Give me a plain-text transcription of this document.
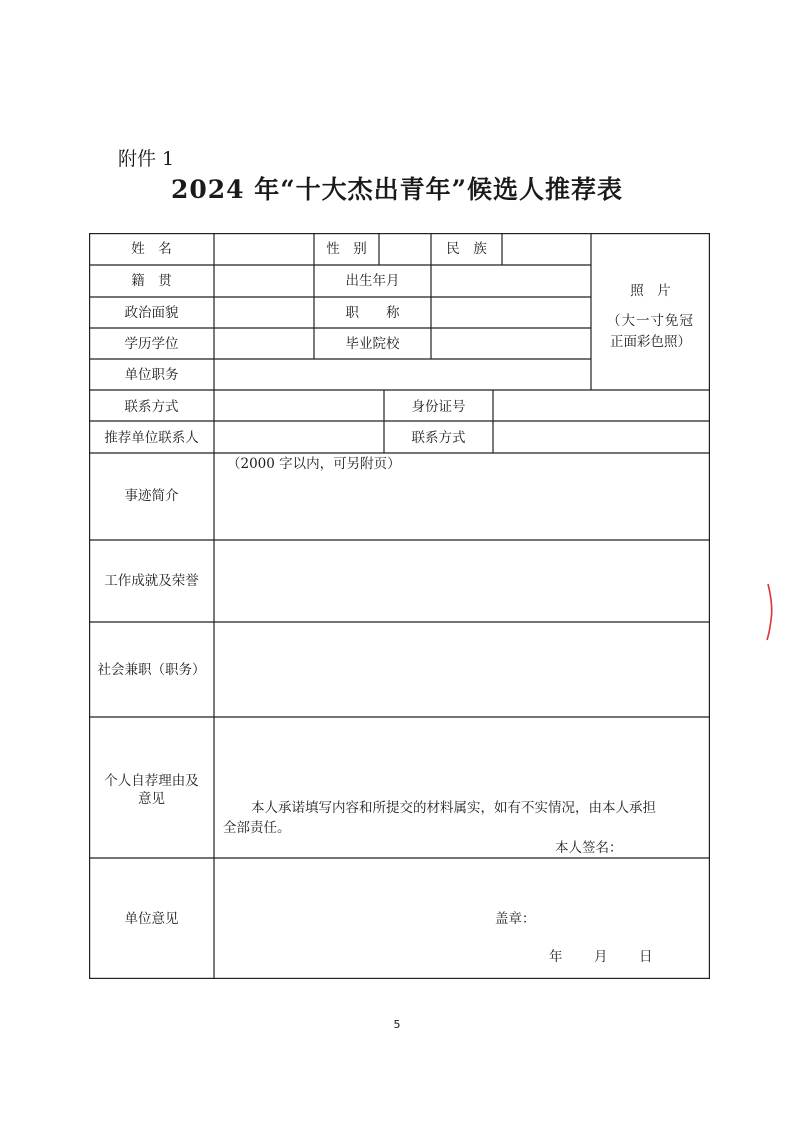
附件 1
2024 年“十大杰出青年”候选人推荐表
姓　名	性　别	民　族
籍　贯	出生年月
政治面貌	职　　称
学历学位	毕业院校
单位职务
照　片
（大一寸免冠
正面彩色照）
联系方式	身份证号
推荐单位联系人	联系方式
事迹简介
（2000 字以内，可另附页）
工作成就及荣誉
社会兼职（职务）
个人自荐理由及
意见
本人承诺填写内容和所提交的材料属实，如有不实情况，由本人承担
全部责任。
本人签名：
单位意见	盖章：
年 月 日
5
